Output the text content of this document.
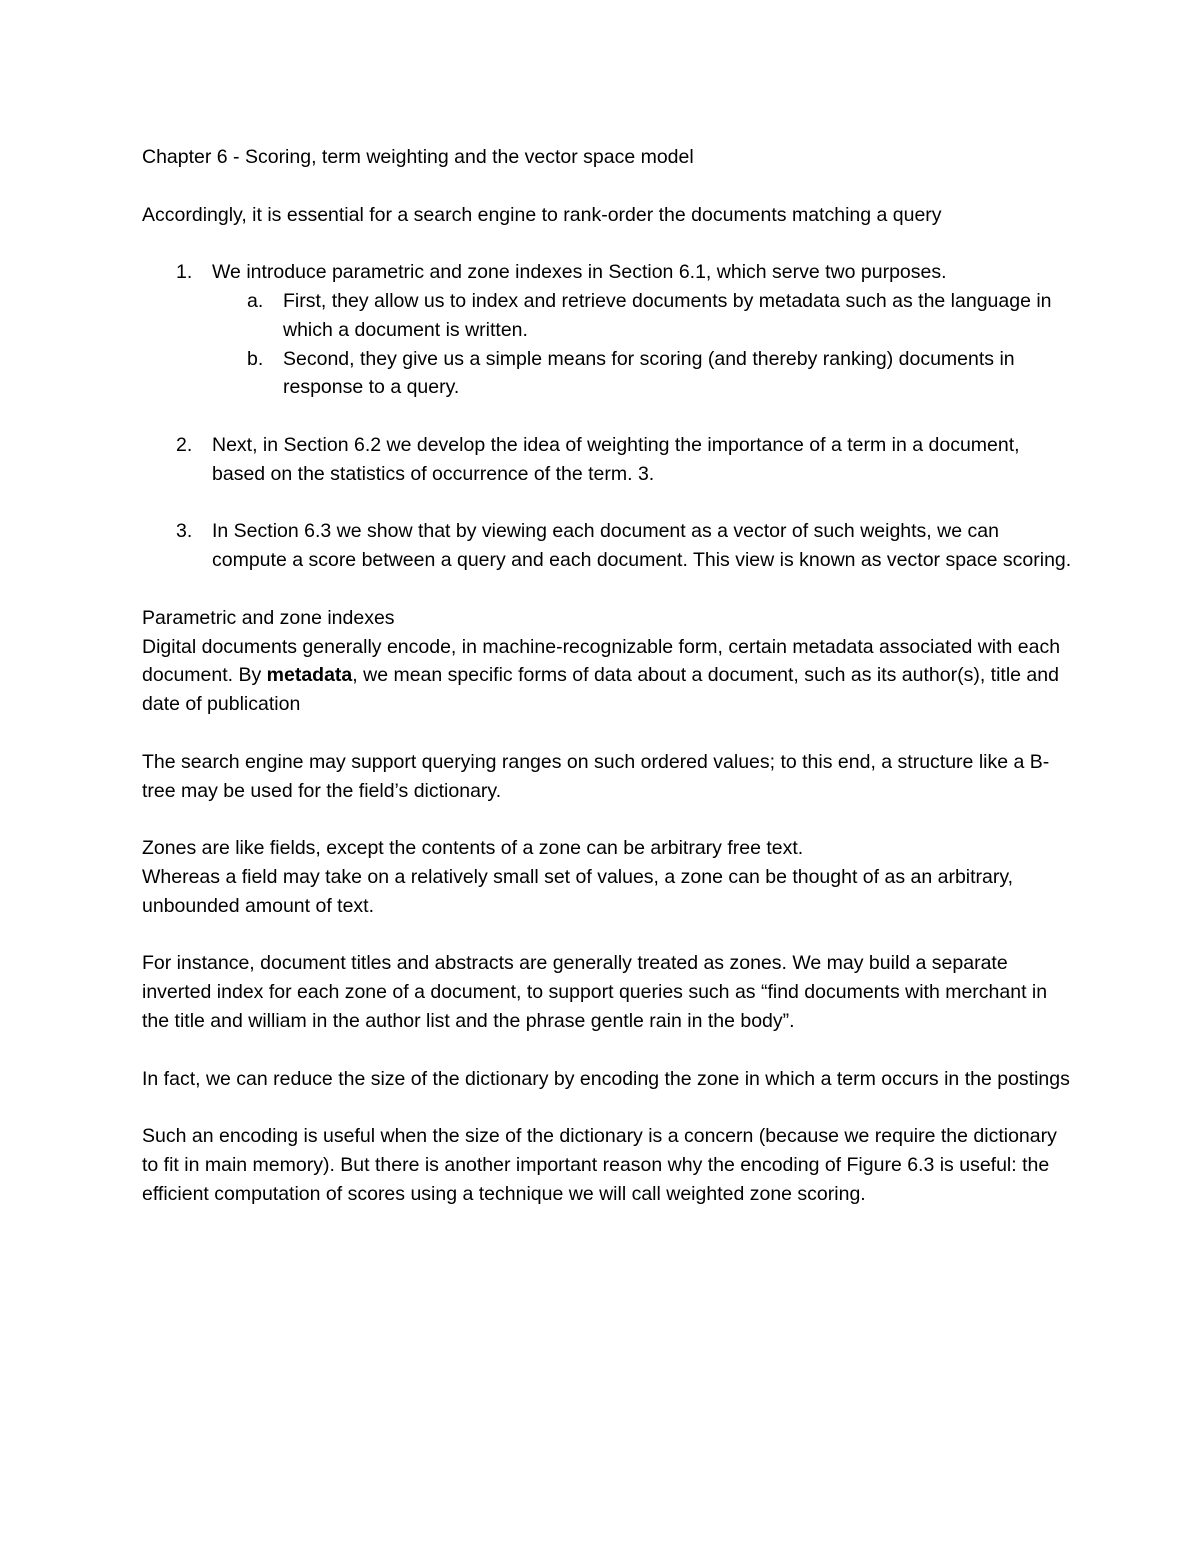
Chapter 6 - Scoring, term weighting and the vector space model

Accordingly, it is essential for a search engine to rank-order the documents matching a query

1. We introduce parametric and zone indexes in Section 6.1, which serve two purposes.
a. First, they allow us to index and retrieve documents by metadata such as the language in which a document is written.
b. Second, they give us a simple means for scoring (and thereby ranking) documents in response to a query.
2. Next, in Section 6.2 we develop the idea of weighting the importance of a term in a document, based on the statistics of occurrence of the term. 3.
3. In Section 6.3 we show that by viewing each document as a vector of such weights, we can compute a score between a query and each document. This view is known as vector space scoring.

Parametric and zone indexes

Digital documents generally encode, in machine-recognizable form, certain metadata associated with each document. By metadata, we mean specific forms of data about a document, such as its author(s), title and date of publication

The search engine may support querying ranges on such ordered values; to this end, a structure like a B-tree may be used for the field’s dictionary.

Zones are like fields, except the contents of a zone can be arbitrary free text.

Whereas a field may take on a relatively small set of values, a zone can be thought of as an arbitrary, unbounded amount of text.

For instance, document titles and abstracts are generally treated as zones. We may build a separate inverted index for each zone of a document, to support queries such as “find documents with merchant in the title and william in the author list and the phrase gentle rain in the body”.

In fact, we can reduce the size of the dictionary by encoding the zone in which a term occurs in the postings

Such an encoding is useful when the size of the dictionary is a concern (because we require the dictionary to fit in main memory). But there is another important reason why the encoding of Figure 6.3 is useful: the efficient computation of scores using a technique we will call weighted zone scoring.
